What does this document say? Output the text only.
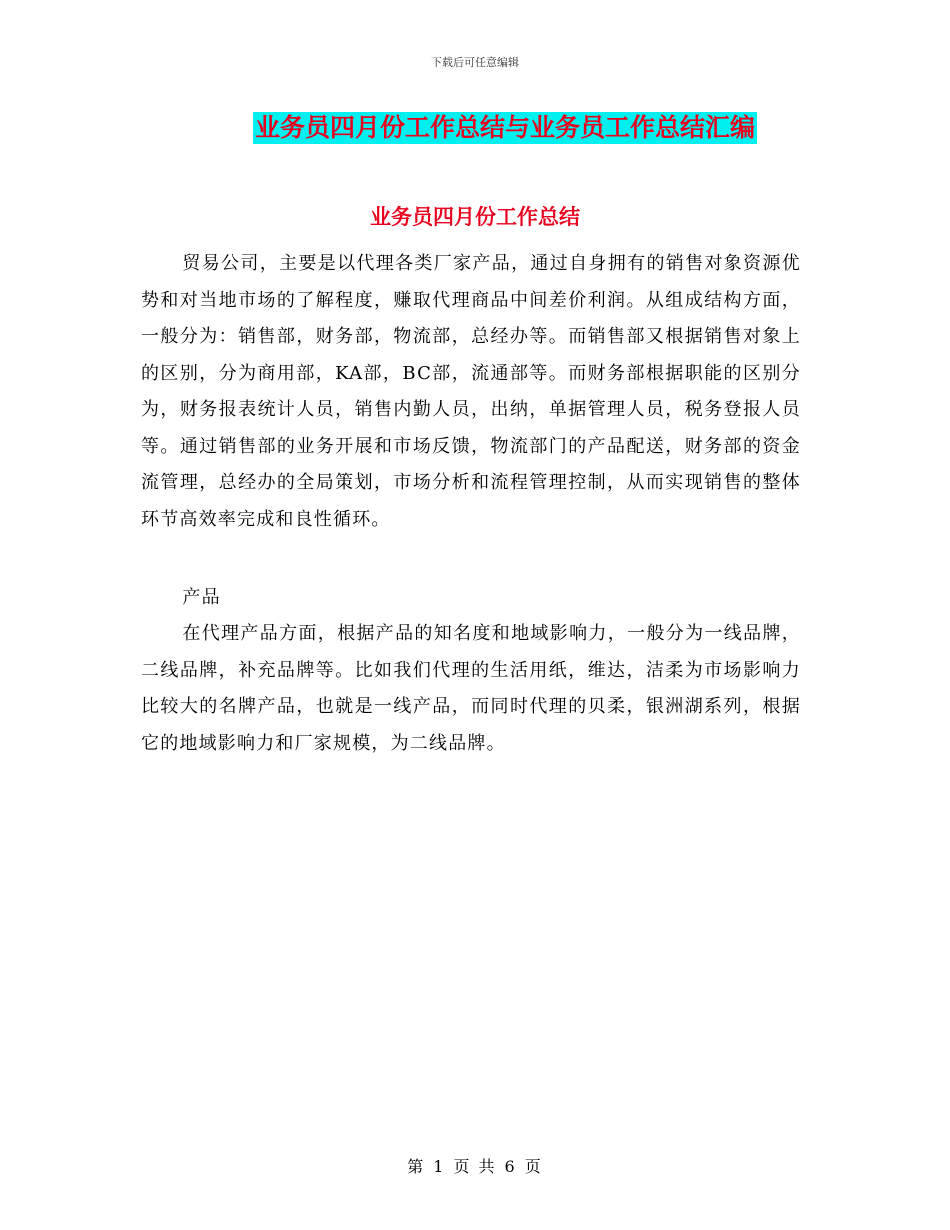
下载后可任意编辑
业务员四月份工作总结与业务员工作总结汇编
业务员四月份工作总结

贸易公司，主要是以代理各类厂家产品，通过自身拥有的销售对象资源优势和对当地市场的了解程度，赚取代理商品中间差价利润。从组成结构方面，一般分为：销售部，财务部，物流部，总经办等。而销售部又根据销售对象上的区别，分为商用部，KA部，BC部，流通部等。而财务部根据职能的区别分为，财务报表统计人员，销售内勤人员，出纳，单据管理人员，税务登报人员等。通过销售部的业务开展和市场反馈，物流部门的产品配送，财务部的资金流管理，总经办的全局策划，市场分析和流程管理控制，从而实现销售的整体环节高效率完成和良性循环。

产品

在代理产品方面，根据产品的知名度和地域影响力，一般分为一线品牌，二线品牌，补充品牌等。比如我们代理的生活用纸，维达，洁柔为市场影响力比较大的名牌产品，也就是一线产品，而同时代理的贝柔，银洲湖系列，根据它的地域影响力和厂家规模，为二线品牌。

第 1 页 共 6 页
